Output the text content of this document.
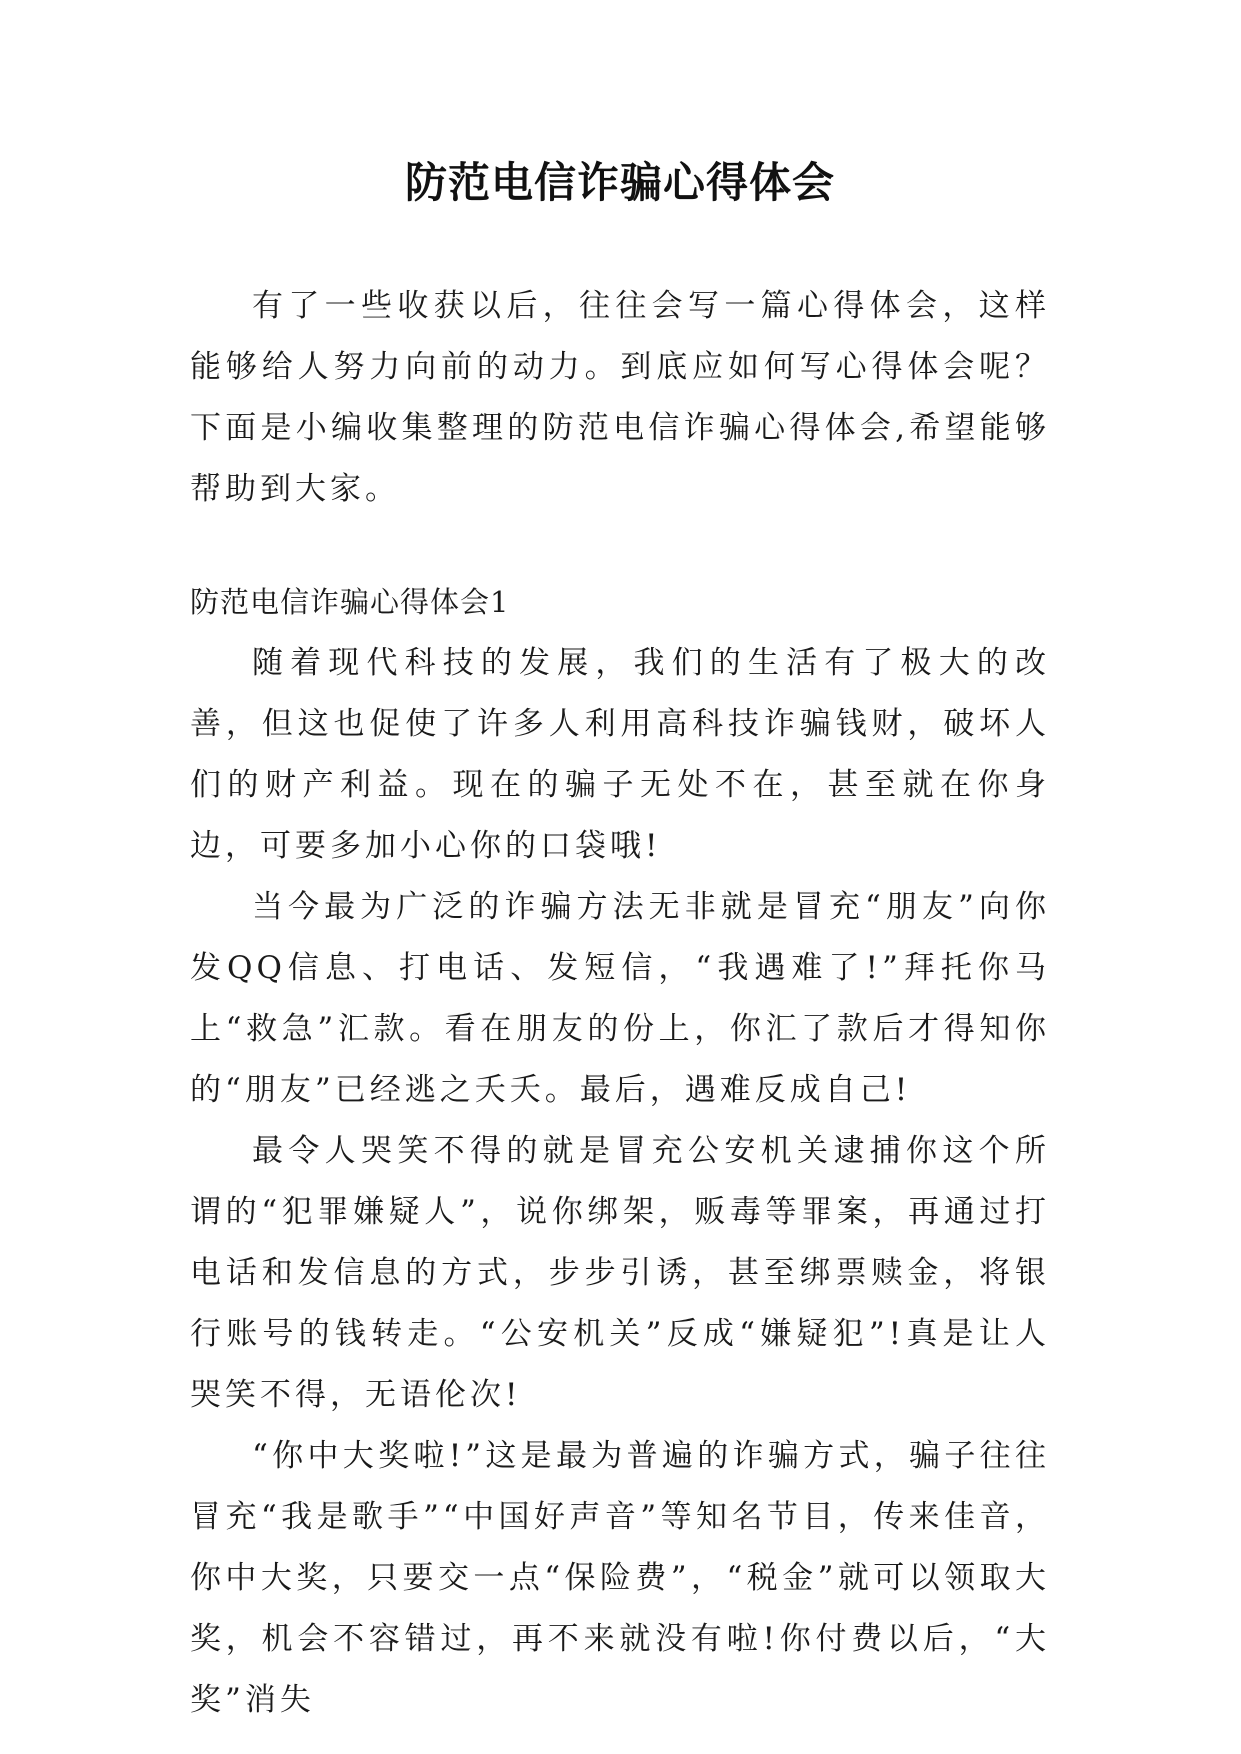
防范电信诈骗心得体会

有了一些收获以后，往往会写一篇心得体会，这样能够给人努力向前的动力。到底应如何写心得体会呢？下面是小编收集整理的防范电信诈骗心得体会,希望能够帮助到大家。

防范电信诈骗心得体会1

随着现代科技的发展，我们的生活有了极大的改善，但这也促使了许多人利用高科技诈骗钱财，破坏人们的财产利益。现在的骗子无处不在，甚至就在你身边，可要多加小心你的口袋哦!

当今最为广泛的诈骗方法无非就是冒充“朋友”向你发QQ信息、打电话、发短信，“我遇难了!”拜托你马上“救急”汇款。看在朋友的份上，你汇了款后才得知你的“朋友”已经逃之夭夭。最后，遇难反成自己!

最令人哭笑不得的就是冒充公安机关逮捕你这个所谓的“犯罪嫌疑人”，说你绑架，贩毒等罪案，再通过打电话和发信息的方式，步步引诱，甚至绑票赎金，将银行账号的钱转走。“公安机关”反成“嫌疑犯”!真是让人哭笑不得，无语伦次!

“你中大奖啦!”这是最为普遍的诈骗方式，骗子往往冒充“我是歌手”“中国好声音”等知名节目，传来佳音，你中大奖，只要交一点“保险费”，“税金”就可以领取大奖，机会不容错过，再不来就没有啦!你付费以后，“大奖”消失
